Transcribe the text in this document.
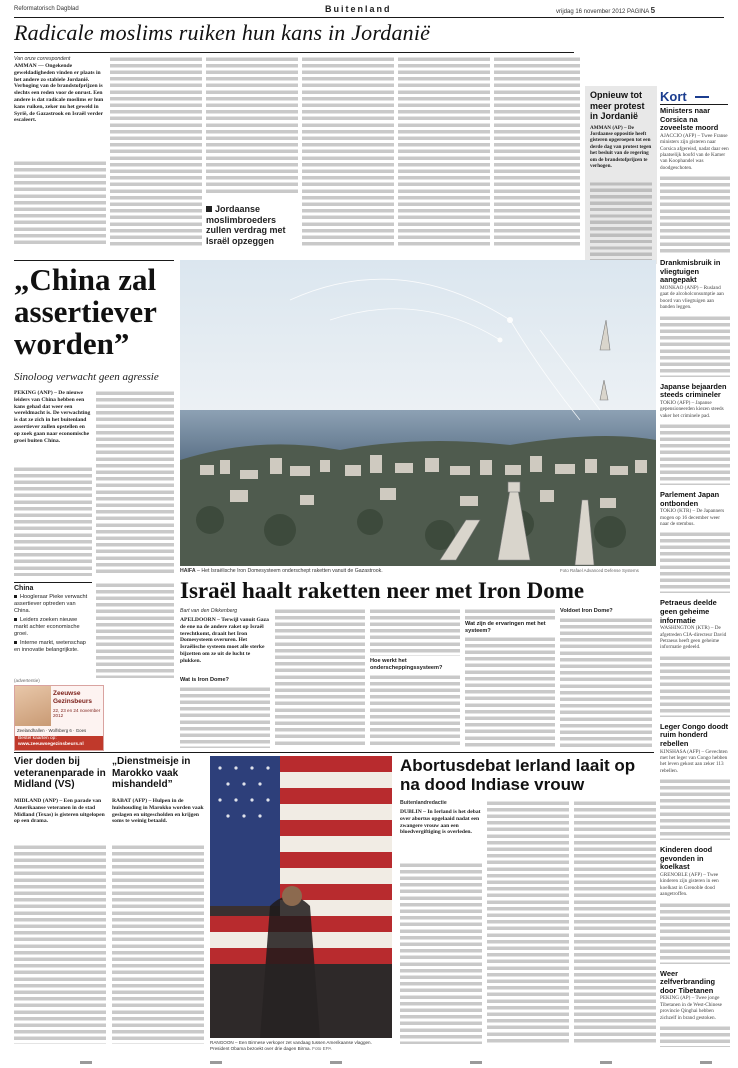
Reformatorisch Dagblad	Buitenland	vrijdag 16 november 2012 PAGINA 5
Radicale moslims ruiken hun kans in Jordanië
Van onze correspondent
AMMAN — Ongekende geweldadigheden vinden er plaats in het andere zo stabiele Jordanië. Verhoging van de brandstofprijzen is slechts een reden voor de onrust. Een andere is dat radicale moslims er hun kans ruiken, zeker nu het geweld in Syrië, de Gazastrook en Israël verder escaleert.
Jordaanse moslimbroeders zullen verdrag met Israël opzeggen
Opnieuw tot meer protest in Jordanië
AMMAN (AP) – De Jordaanse oppositie heeft gisteren opgeroepen tot een derde dag van protest tegen het besluit van de regering om de brandstofprijzen te verhogen.
Kort
Ministers naar Corsica na zoveelste moord
AJACCIO (AFP) – Twee Franse ministers zijn gisteren naar Corsica afgereisd, nadat daar een plaatselijk hoofd van de Kamer van Koophandel was doodgeschoten.
Drankmisbruik in vliegtuigen aangepakt
MONKAO (ANP) – Rusland gaat de alcoholconsumptie aan boord van vliegtuigen aan banden leggen.
Japanse bejaarden steeds crimineler
TOKIO (AFP) – Japanse gepensioneerden kiezen steeds vaker het criminele pad.
Parlement Japan ontbonden
TOKIO (KTR) – De Japanners mogen op 16 december weer naar de stembus.
Petraeus deelde geen geheime informatie
WASHINGTON (KTR) – De afgetreden CIA-directeur David Petraeus heeft geen geheime informatie gedeeld.
Leger Congo doodt ruim honderd rebellen
KINSHASA (AFP) – Gevechten met het leger van Congo hebben het leven gekost aan zeker 113 rebellen.
Kinderen dood gevonden in koelkast
GRENOBLE (AFP) – Twee kinderen zijn gisteren in een koelkast in Grenoble dood aangetroffen.
Weer zelfverbranding door Tibetanen
PEKING (AP) – Twee jonge Tibetanen in de West-Chinese provincie Qinghai hebben zichzelf in brand gestoken.
„China zal assertiever worden”
Sinoloog verwacht geen agressie
PEKING (ANP) – De nieuwe leiders van China hebben een kans gehad dat weer een wereldmacht is. De verwachting is dat ze zich in het buitenland assertiever zullen opstellen en op zoek gaan naar economische groei buiten China.
China
Hoogleraar Pieke verwacht assertiever optreden van China.
Leiders zoeken nieuwe markt achter economische groei.
Interne markt, wetenschap en innovatie belangrijkste.
(advertentie)
Zeeuwse Gezinsbeurs
22, 23 en 24 november 2012
Zeelandhallen · Wolfsberg 6 · Goes
Bestel kaarten op:
www.zeeuwsegezinsbeurs.nl
HAIFA – Het Israëlische Iron Domesysteem onderschept raketten vanuit de Gazastrook.	Foto Rafael Advanced Defense Systems
Israël haalt raketten neer met Iron Dome
Bart van den Dikkenberg
APELDOORN – Terwijl vanuit Gaza de ene na de andere raket op Israël terechtkomt, draait het Iron Domesysteem overuren. Het Israëlische systeem moet alle sterke bijzetten om ze uit de lucht te plukken.
Wat is Iron Dome?
Hoe werkt het onderscheppingssysteem?
Wat zijn de ervaringen met het systeem?
Voldoet Iron Dome?
Vier doden bij veteranenparade in Midland (VS)
MIDLAND (ANP) – Een parade van Amerikaanse veteranen in de stad Midland (Texas) is gisteren uitgelopen op een drama.
„Dienstmeisje in Marokko vaak mishandeld”
RABAT (AFP) – Hulpen in de huishouding in Marokko worden vaak geslagen en uitgescholden en krijgen soms te weinig betaald.
RANGOON – Een Birmese verkoper zet vandaag tussen Amerikaanse vlaggen. President Obama bezoekt over drie dagen Birma. Foto EPA
Abortusdebat Ierland laait op na dood Indiase vrouw
Buitenlandredactie
DUBLIN – In Ierland is het debat over abortus opgelaaid nadat een zwangere vrouw aan een bloedvergiftiging is overleden.
